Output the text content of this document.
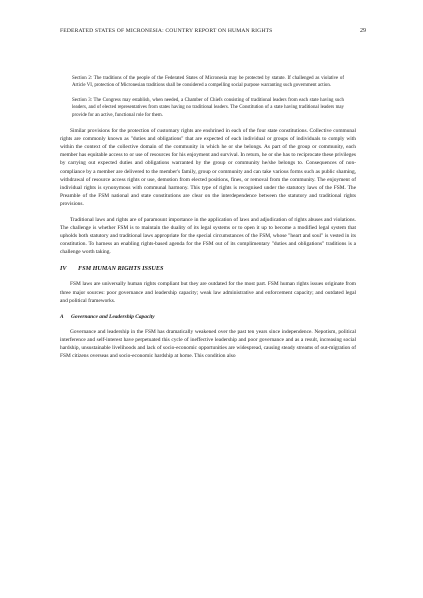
FEDERATED STATES OF MICRONESIA: COUNTRY REPORT ON HUMAN RIGHTS	29

Section 2: The traditions of the people of the Federated States of Micronesia may be protected by statute. If challenged as violative of Article VI, protection of Micronesian traditions shall be considered a compelling social purpose warranting such government action.

Section 3: The Congress may establish, when needed, a Chamber of Chiefs consisting of traditional leaders from each state having such leaders, and of elected representatives from states having no traditional leaders. The Constitution of a state having traditional leaders may provide for an active, functional role for them.

Similar provisions for the protection of customary rights are enshrined in each of the four state constitutions. Collective communal rights are commonly known as "duties and obligations" that are expected of each individual or groups of individuals to comply with within the context of the collective domain of the community in which he or she belongs. As part of the group or community, each member has equitable access to or use of resources for his enjoyment and survival. In return, he or she has to reciprocate these privileges by carrying out expected duties and obligations warranted by the group or community he/she belongs to. Consequences of non-compliance by a member are delivered to the member's family, group or community and can take various forms such as public shaming, withdrawal of resource access rights or use, demotion from elected positions, fines, or removal from the community. The enjoyment of individual rights is synonymous with communal harmony. This type of rights is recognised under the statutory laws of the FSM. The Preamble of the FSM national and state constitutions are clear on the interdependence between the statutory and traditional rights provisions.

Traditional laws and rights are of paramount importance in the application of laws and adjudication of rights abuses and violations. The challenge is whether FSM is to maintain the duality of its legal systems or to open it up to become a modified legal system that upholds both statutory and traditional laws appropriate for the special circumstances of the FSM, whose "heart and soul" is vested in its constitution. To harness an enabling rights-based agenda for the FSM out of its complimentary "duties and obligations" traditions is a challenge worth taking.

IV FSM HUMAN RIGHTS ISSUES

FSM laws are universally human rights compliant but they are outdated for the most part. FSM human rights issues originate from three major sources: poor governance and leadership capacity; weak law administrative and enforcement capacity; and outdated legal and political frameworks.

A Governance and Leadership Capacity

Governance and leadership in the FSM has dramatically weakened over the past ten years since independence. Nepotism, political interference and self-interest have perpetuated this cycle of ineffective leadership and poor governance and as a result, increasing social hardship, unsustainable livelihoods and lack of socio-economic opportunities are widespread, causing steady streams of out-migration of FSM citizens overseas and socio-economic hardship at home. This condition also
